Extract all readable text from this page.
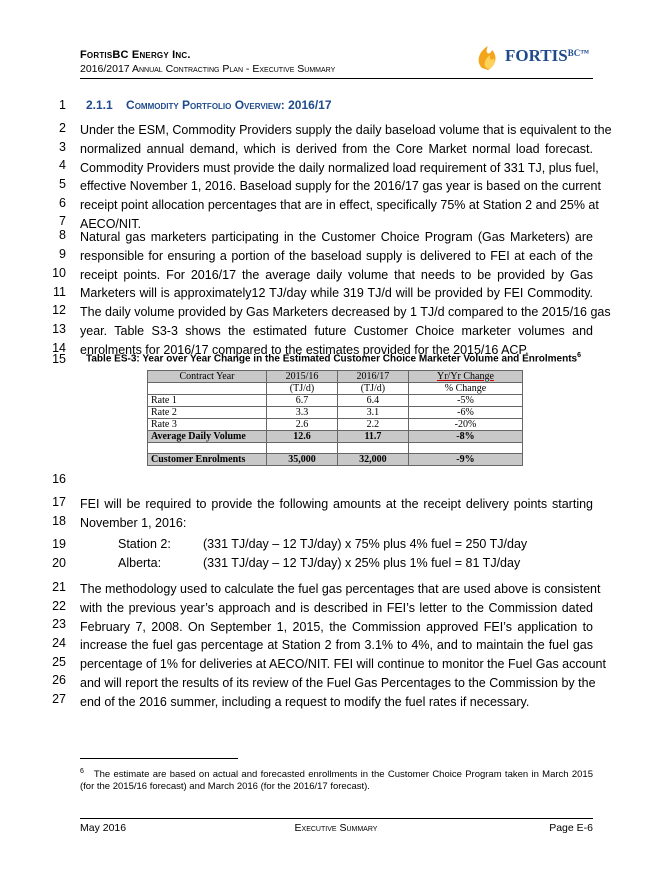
FortisBC Energy Inc.
2016/2017 Annual Contracting Plan - Executive Summary
$FORTIS^{BC™}$
1
2
3
4
5
6
7
8
9
10
11
12
13
14
15
16
17
18
19
20
21
22
23
24
25
26
27
2.1.1 Commodity Portfolio Overview: 2016/17
Under the ESM, Commodity Providers supply the daily baseload volume that is equivalent to the
normalized annual demand, which is derived from the Core Market normal load forecast.
Commodity Providers must provide the daily normalized load requirement of 331 TJ, plus fuel,
effective November 1, 2016. Baseload supply for the 2016/17 gas year is based on the current
receipt point allocation percentages that are in effect, specifically 75% at Station 2 and 25% at
AECO/NIT.
Natural gas marketers participating in the Customer Choice Program (Gas Marketers) are
responsible for ensuring a portion of the baseload supply is delivered to FEI at each of the
receipt points. For 2016/17 the average daily volume that needs to be provided by Gas
Marketers will is approximately12 TJ/day while 319 TJ/d will be provided by FEI Commodity.
The daily volume provided by Gas Marketers decreased by 1 TJ/d compared to the 2015/16 gas
year. Table S3-3 shows the estimated future Customer Choice marketer volumes and
enrolments for 2016/17 compared to the estimates provided for the 2015/16 ACP.
Table ES-3: Year over Year Change in the Estimated Customer Choice Marketer Volume and Enrolments$^6$
Contract Year	2015/16	2016/17	Yr/Yr Change
	(TJ/d)	(TJ/d)	% Change
Rate 1	6.7	6.4	-5%
Rate 2	3.3	3.1	-6%
Rate 3	2.6	2.2	-20%
Average Daily Volume	12.6	11.7	-8%

Customer Enrolments	35,000	32,000	-9%
FEI will be required to provide the following amounts at the receipt delivery points starting
November 1, 2016:
Station 2:	(331 TJ/day – 12 TJ/day) x 75% plus 4% fuel = 250 TJ/day
Alberta:	(331 TJ/day – 12 TJ/day) x 25% plus 1% fuel = 81 TJ/day
The methodology used to calculate the fuel gas percentages that are used above is consistent
with the previous year’s approach and is described in FEI’s letter to the Commission dated
February 7, 2008. On September 1, 2015, the Commission approved FEI’s application to
increase the fuel gas percentage at Station 2 from 3.1% to 4%, and to maintain the fuel gas
percentage of 1% for deliveries at AECO/NIT. FEI will continue to monitor the Fuel Gas account
and will report the results of its review of the Fuel Gas Percentages to the Commission by the
end of the 2016 summer, including a request to modify the fuel rates if necessary.
$^6$ The estimate are based on actual and forecasted enrollments in the Customer Choice Program taken in March 2015 (for the 2015/16 forecast) and March 2016 (for the 2016/17 forecast).
May 2016	Executive Summary	Page E-6
